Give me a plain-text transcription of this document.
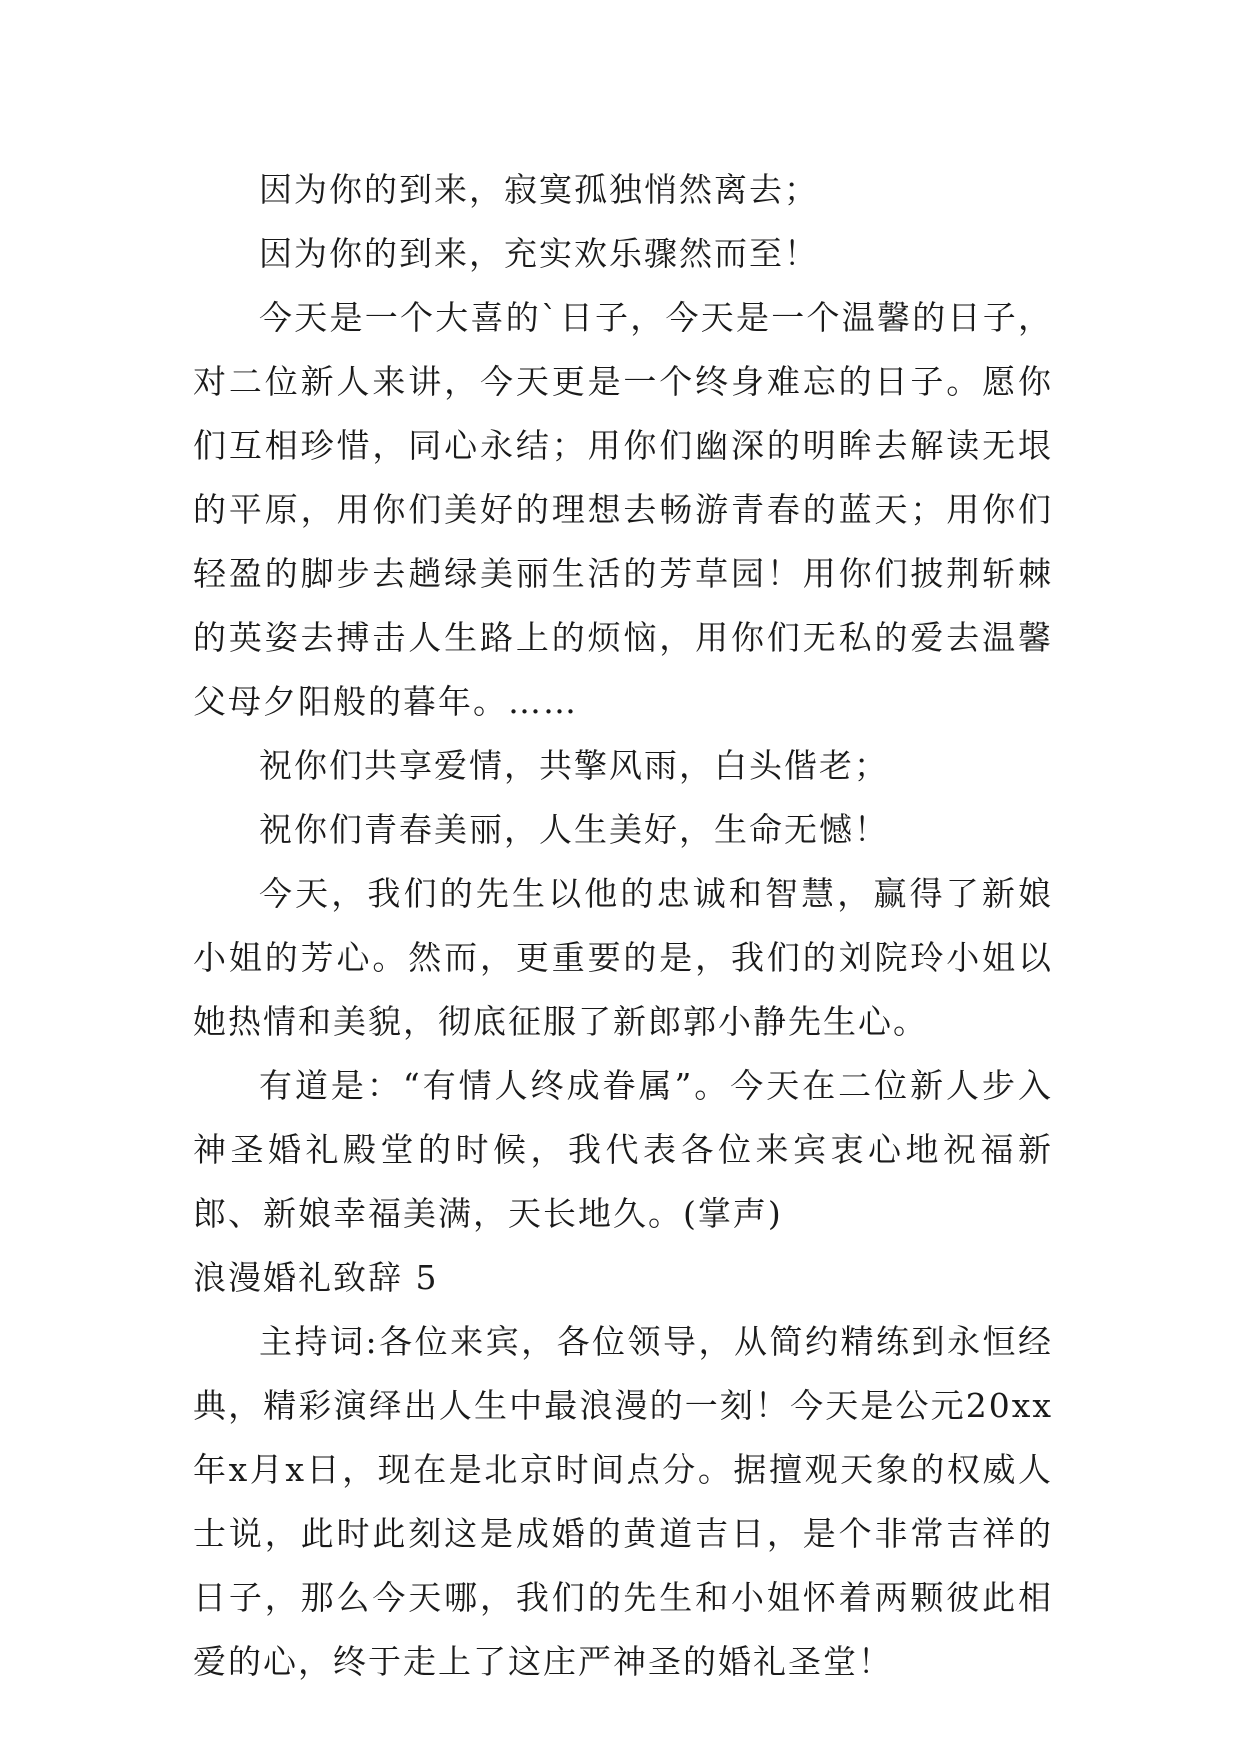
因为你的到来，寂寞孤独悄然离去；

因为你的到来，充实欢乐骤然而至！

今天是一个大喜的`日子，今天是一个温馨的日子，对二位新人来讲，今天更是一个终身难忘的日子。愿你们互相珍惜，同心永结；用你们幽深的明眸去解读无垠的平原，用你们美好的理想去畅游青春的蓝天；用你们轻盈的脚步去趟绿美丽生活的芳草园！用你们披荆斩棘的英姿去搏击人生路上的烦恼，用你们无私的爱去温馨父母夕阳般的暮年。……

祝你们共享爱情，共擎风雨，白头偕老；

祝你们青春美丽，人生美好，生命无憾！

今天，我们的先生以他的忠诚和智慧，赢得了新娘小姐的芳心。然而，更重要的是，我们的刘院玲小姐以她热情和美貌，彻底征服了新郎郭小静先生心。

有道是：“有情人终成眷属”。今天在二位新人步入神圣婚礼殿堂的时候，我代表各位来宾衷心地祝福新郎、新娘幸福美满，天长地久。(掌声)

浪漫婚礼致辞 5

主持词:各位来宾，各位领导，从简约精练到永恒经典，精彩演绎出人生中最浪漫的一刻！今天是公元20xx年x月x日，现在是北京时间点分。据擅观天象的权威人士说，此时此刻这是成婚的黄道吉日，是个非常吉祥的日子，那么今天哪，我们的先生和小姐怀着两颗彼此相爱的心，终于走上了这庄严神圣的婚礼圣堂！
